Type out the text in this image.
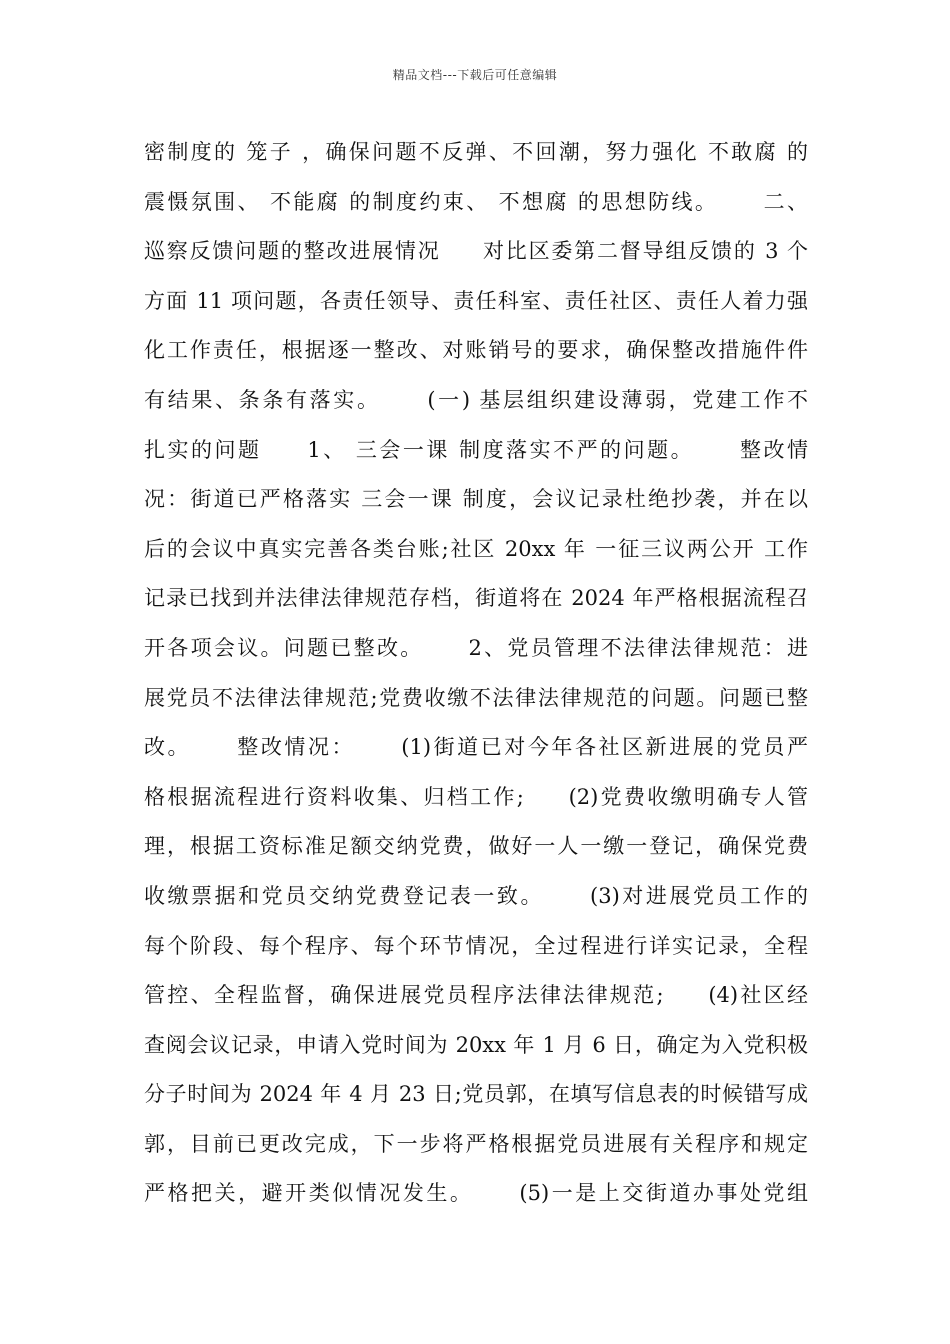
精品文档---下载后可任意编辑
密制度的 笼子 ，确保问题不反弹、不回潮，努力强化 不敢腐 的
震慑氛围、 不能腐 的制度约束、 不想腐 的思想防线。     二、
巡察反馈问题的整改进展情况     对比区委第二督导组反馈的 3 个
方面 11 项问题，各责任领导、责任科室、责任社区、责任人着力强
化工作责任，根据逐一整改、对账销号的要求，确保整改措施件件
有结果、条条有落实。     (一) 基层组织建设薄弱，党建工作不
扎实的问题     1、 三会一课 制度落实不严的问题。     整改情
况：街道已严格落实 三会一课 制度，会议记录杜绝抄袭，并在以
后的会议中真实完善各类台账;社区 20xx 年 一征三议两公开 工作
记录已找到并法律法律规范存档，街道将在 2024 年严格根据流程召
开各项会议。问题已整改。     2、党员管理不法律法律规范：进
展党员不法律法律规范;党费收缴不法律法律规范的问题。问题已整
改。     整改情况：     (1)街道已对今年各社区新进展的党员严
格根据流程进行资料收集、归档工作;     (2)党费收缴明确专人管
理，根据工资标准足额交纳党费，做好一人一缴一登记，确保党费
收缴票据和党员交纳党费登记表一致。     (3)对进展党员工作的
每个阶段、每个程序、每个环节情况，全过程进行详实记录，全程
管控、全程监督，确保进展党员程序法律法律规范;     (4)社区经
查阅会议记录，申请入党时间为 20xx 年 1 月 6 日，确定为入党积极
分子时间为 2024 年 4 月 23 日;党员郭，在填写信息表的时候错写成
郭，目前已更改完成，下一步将严格根据党员进展有关程序和规定
严格把关，避开类似情况发生。     (5)一是上交街道办事处党组
